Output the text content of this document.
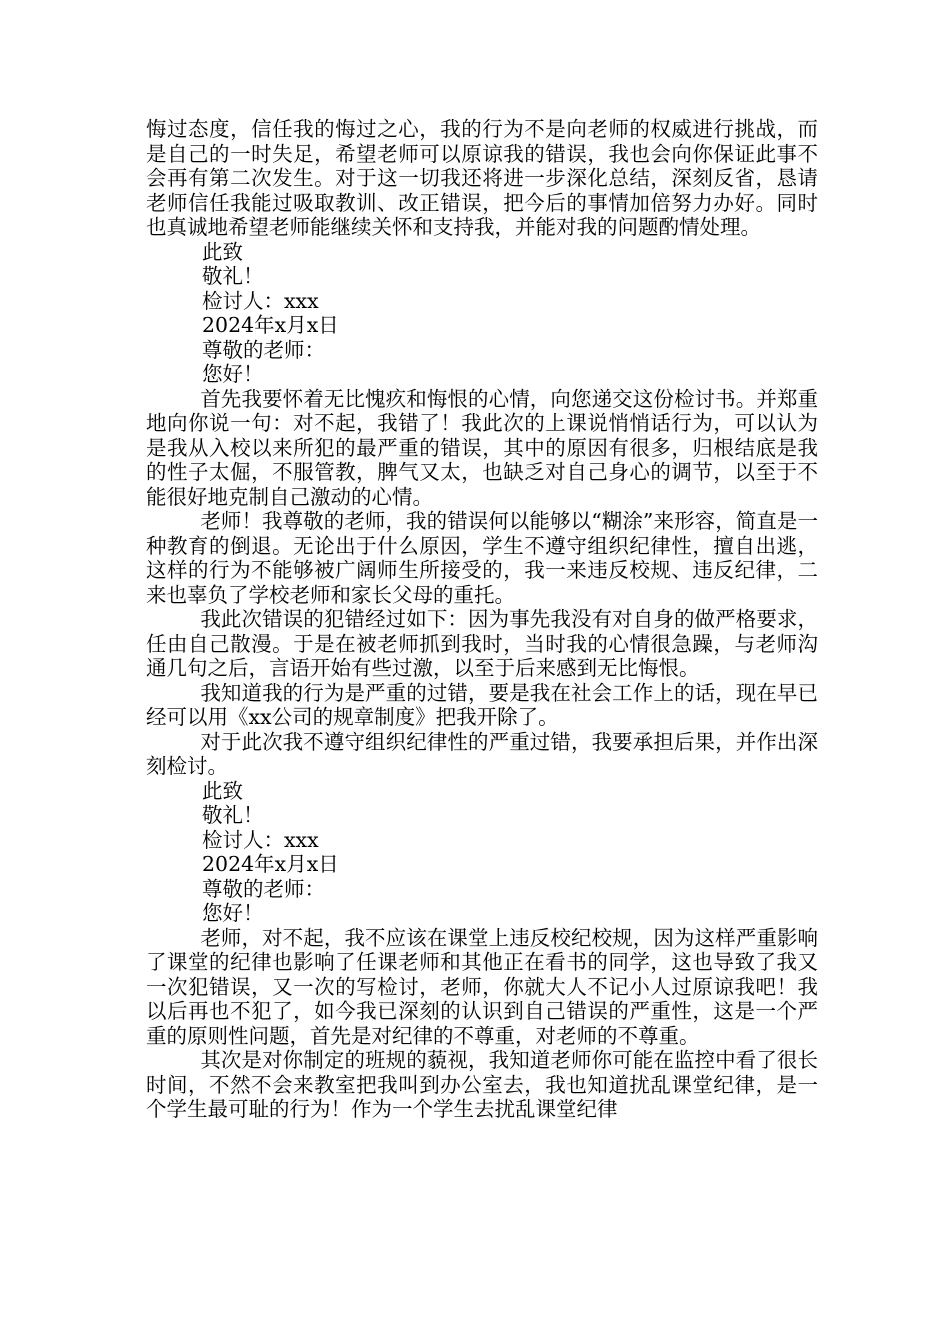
悔过态度，信任我的悔过之心，我的行为不是向老师的权威进行挑战，而是自己的一时失足，希望老师可以原谅我的错误，我也会向你保证此事不会再有第二次发生。对于这一切我还将进一步深化总结，深刻反省，恳请老师信任我能过吸取教训、改正错误，把今后的事情加倍努力办好。同时也真诚地希望老师能继续关怀和支持我，并能对我的问题酌情处理。

此致

敬礼！

检讨人：xxx

2024年x月x日

尊敬的老师：

您好！

首先我要怀着无比愧疚和悔恨的心情，向您递交这份检讨书。并郑重地向你说一句：对不起，我错了！我此次的上课说悄悄话行为，可以认为是我从入校以来所犯的最严重的错误，其中的原因有很多，归根结底是我的性子太倔，不服管教，脾气又太，也缺乏对自己身心的调节，以至于不能很好地克制自己激动的心情。

老师！我尊敬的老师，我的错误何以能够以“糊涂”来形容，简直是一种教育的倒退。无论出于什么原因，学生不遵守组织纪律性，擅自出逃，这样的行为不能够被广阔师生所接受的，我一来违反校规、违反纪律，二来也辜负了学校老师和家长父母的重托。

我此次错误的犯错经过如下：因为事先我没有对自身的做严格要求，任由自己散漫。于是在被老师抓到我时，当时我的心情很急躁，与老师沟通几句之后，言语开始有些过激，以至于后来感到无比悔恨。

我知道我的行为是严重的过错，要是我在社会工作上的话，现在早已经可以用《xx公司的规章制度》把我开除了。

对于此次我不遵守组织纪律性的严重过错，我要承担后果，并作出深刻检讨。

此致

敬礼！

检讨人：xxx

2024年x月x日

尊敬的老师：

您好！

老师，对不起，我不应该在课堂上违反校纪校规，因为这样严重影响了课堂的纪律也影响了任课老师和其他正在看书的同学，这也导致了我又一次犯错误，又一次的写检讨，老师，你就大人不记小人过原谅我吧！我以后再也不犯了，如今我已深刻的认识到自己错误的严重性，这是一个严重的原则性问题，首先是对纪律的不尊重，对老师的不尊重。

其次是对你制定的班规的藐视，我知道老师你可能在监控中看了很长时间，不然不会来教室把我叫到办公室去，我也知道扰乱课堂纪律，是一个学生最可耻的行为！作为一个学生去扰乱课堂纪律
